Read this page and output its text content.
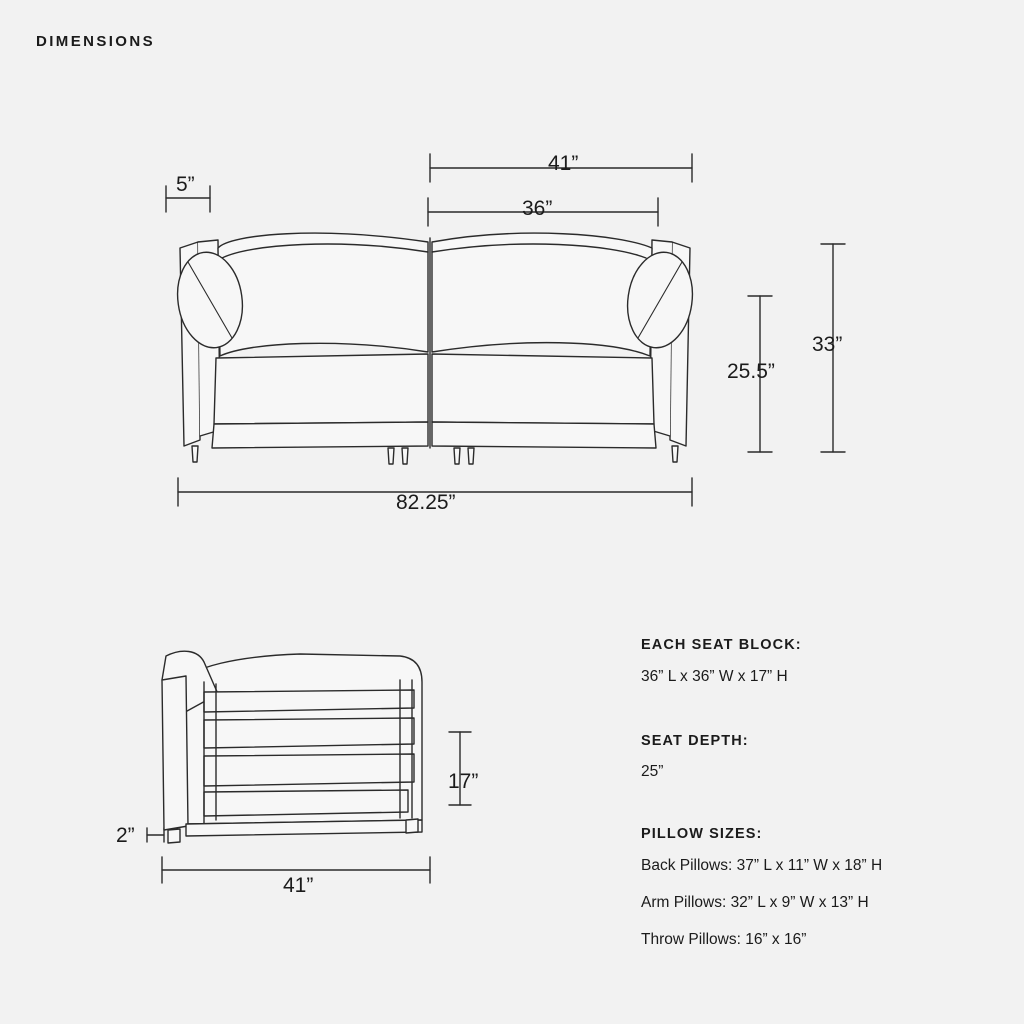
DIMENSIONS
5”
41”
36”
25.5”
33”
82.25”
2”
17”
41”
EACH SEAT BLOCK:
36” L x 36” W x 17” H
SEAT DEPTH:
25”
PILLOW SIZES:
Back Pillows: 37” L x 11” W x 18” H
Arm Pillows: 32” L x 9” W x 13” H
Throw Pillows: 16” x 16”
